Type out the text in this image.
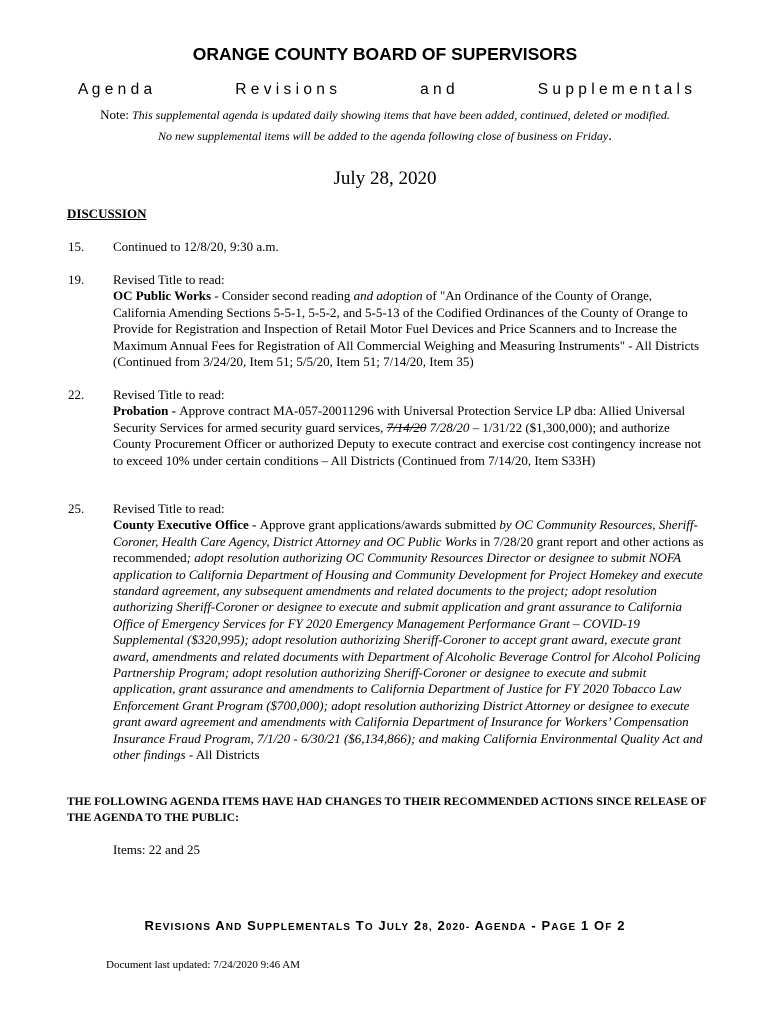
ORANGE COUNTY BOARD OF SUPERVISORS
A g e n d a	R e v i s i o n s	a n d	S u p p l e m e n t a l s
Note: This supplemental agenda is updated daily showing items that have been added, continued, deleted or modified.
No new supplemental items will be added to the agenda following close of business on Friday.
July 28, 2020
DISCUSSION
15. Continued to 12/8/20, 9:30 a.m.
19. Revised Title to read:
OC Public Works - Consider second reading and adoption of "An Ordinance of the County of Orange, California Amending Sections 5-5-1, 5-5-2, and 5-5-13 of the Codified Ordinances of the County of Orange to Provide for Registration and Inspection of Retail Motor Fuel Devices and Price Scanners and to Increase the Maximum Annual Fees for Registration of All Commercial Weighing and Measuring Instruments" - All Districts (Continued from 3/24/20, Item 51; 5/5/20, Item 51; 7/14/20, Item 35)
22. Revised Title to read:
Probation - Approve contract MA-057-20011296 with Universal Protection Service LP dba: Allied Universal Security Services for armed security guard services, 7/14/20 7/28/20 – 1/31/22 ($1,300,000); and authorize County Procurement Officer or authorized Deputy to execute contract and exercise cost contingency increase not to exceed 10% under certain conditions – All Districts (Continued from 7/14/20, Item S33H)
25. Revised Title to read:
County Executive Office - Approve grant applications/awards submitted by OC Community Resources, Sheriff-Coroner, Health Care Agency, District Attorney and OC Public Works in 7/28/20 grant report and other actions as recommended; adopt resolution authorizing OC Community Resources Director or designee to submit NOFA application to California Department of Housing and Community Development for Project Homekey and execute standard agreement, any subsequent amendments and related documents to the project; adopt resolution authorizing Sheriff-Coroner or designee to execute and submit application and grant assurance to California Office of Emergency Services for FY 2020 Emergency Management Performance Grant – COVID-19 Supplemental ($320,995); adopt resolution authorizing Sheriff-Coroner to accept grant award, execute grant award, amendments and related documents with Department of Alcoholic Beverage Control for Alcohol Policing Partnership Program; adopt resolution authorizing Sheriff-Coroner or designee to execute and submit application, grant assurance and amendments to California Department of Justice for FY 2020 Tobacco Law Enforcement Grant Program ($700,000); adopt resolution authorizing District Attorney or designee to execute grant award agreement and amendments with California Department of Insurance for Workers’ Compensation Insurance Fraud Program, 7/1/20 - 6/30/21 ($6,134,866); and making California Environmental Quality Act and other findings - All Districts
THE FOLLOWING AGENDA ITEMS HAVE HAD CHANGES TO THEIR RECOMMENDED ACTIONS SINCE RELEASE OF THE AGENDA TO THE PUBLIC:
Items: 22 and 25
REVISIONS AND SUPPLEMENTALS TO JULY 28, 2020- AGENDA - PAGE 1 OF 2
Document last updated: 7/24/2020 9:46 AM
